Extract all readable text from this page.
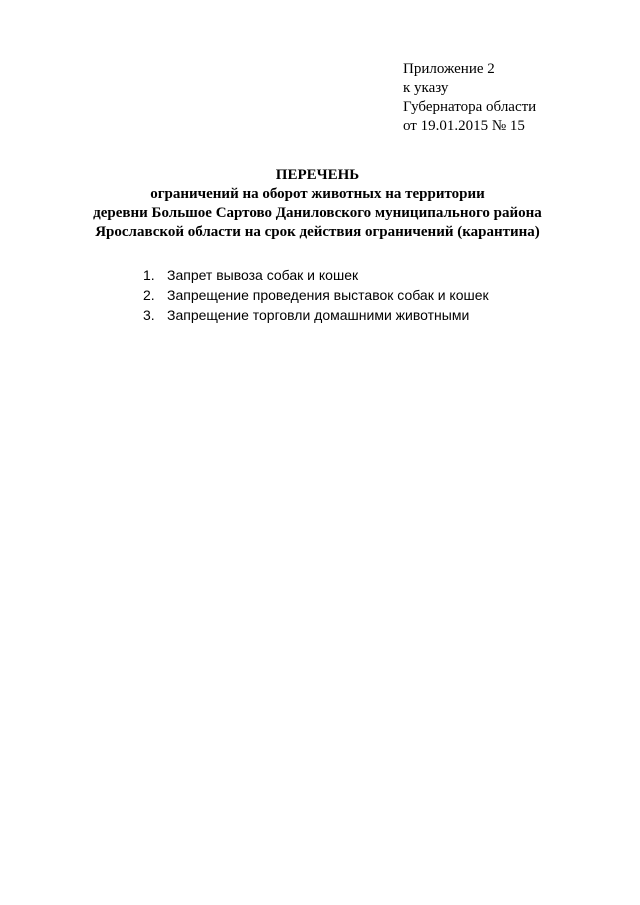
Приложение 2
к указу
Губернатора области
от 19.01.2015 № 15
ПЕРЕЧЕНЬ
ограничений на оборот животных на территории
деревни Большое Сартово Даниловского муниципального района
Ярославской области на срок действия ограничений (карантина)
1. Запрет вывоза собак и кошек
2. Запрещение проведения выставок собак и кошек
3. Запрещение торговли домашними животными
